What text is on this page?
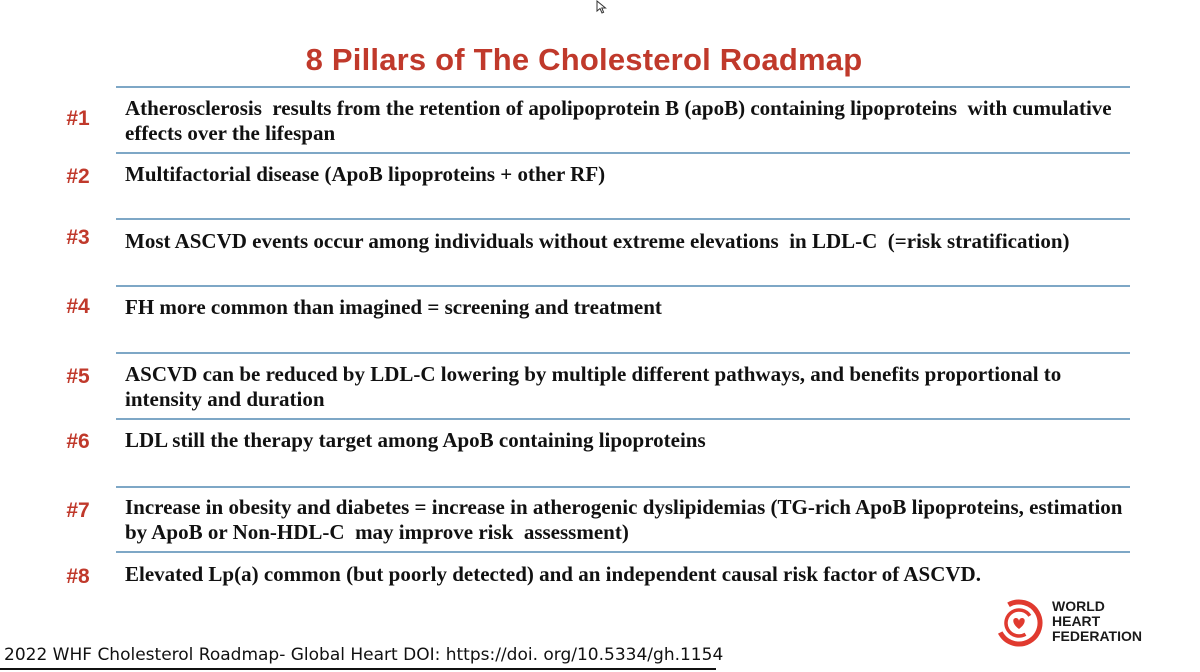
8 Pillars of The Cholesterol Roadmap
#1	Atherosclerosis  results from the retention of apolipoprotein B (apoB) containing lipoproteins  with cumulative effects over the lifespan
#2	Multifactorial disease (ApoB lipoproteins + other RF)
#3	Most ASCVD events occur among individuals without extreme elevations  in LDL-C  (=risk stratification)
#4	FH more common than imagined = screening and treatment
#5	ASCVD can be reduced by LDL-C lowering by multiple different pathways, and benefits proportional to   intensity and duration
#6	LDL still the therapy target among ApoB containing lipoproteins
#7	Increase in obesity and diabetes = increase in atherogenic dyslipidemias (TG-rich ApoB lipoproteins, estimation by ApoB or Non-HDL-C  may improve risk  assessment)
#8	Elevated Lp(a) common (but poorly detected) and an independent causal risk factor of ASCVD.
WORLD
HEART
FEDERATION
2022 WHF Cholesterol Roadmap- Global Heart DOI: https://doi. org/10.5334/gh.1154
